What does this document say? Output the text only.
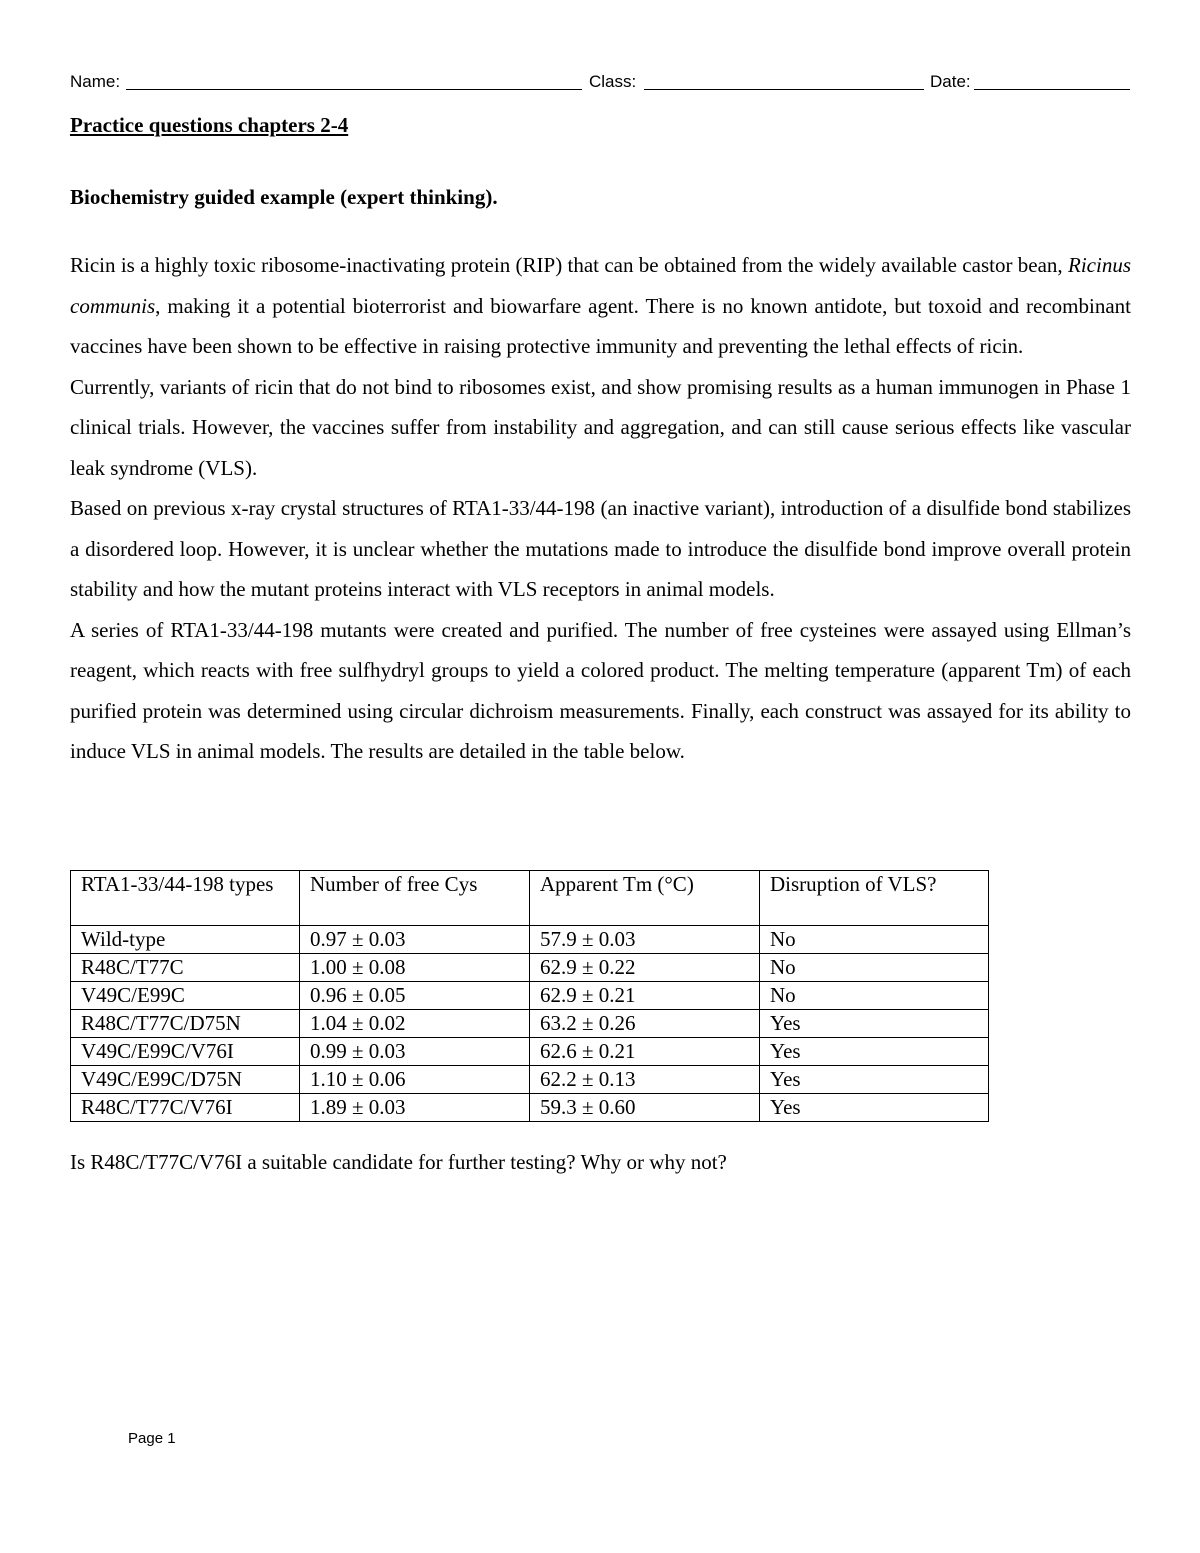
Name:	Class:	Date:
Practice questions chapters 2-4
Biochemistry guided example (expert thinking).

Ricin is a highly toxic ribosome-inactivating protein (RIP) that can be obtained from the widely available castor bean, Ricinus communis, making it a potential bioterrorist and biowarfare agent. There is no known antidote, but toxoid and recombinant vaccines have been shown to be effective in raising protective immunity and preventing the lethal effects of ricin.

Currently, variants of ricin that do not bind to ribosomes exist, and show promising results as a human immunogen in Phase 1 clinical trials. However, the vaccines suffer from instability and aggregation, and can still cause serious effects like vascular leak syndrome (VLS).

Based on previous x-ray crystal structures of RTA1-33/44-198 (an inactive variant), introduction of a disulfide bond stabilizes a disordered loop. However, it is unclear whether the mutations made to introduce the disulfide bond improve overall protein stability and how the mutant proteins interact with VLS receptors in animal models.

A series of RTA1-33/44-198 mutants were created and purified. The number of free cysteines were assayed using Ellman’s reagent, which reacts with free sulfhydryl groups to yield a colored product. The melting temperature (apparent Tm) of each purified protein was determined using circular dichroism measurements. Finally, each construct was assayed for its ability to induce VLS in animal models. The results are detailed in the table below.

RTA1-33/44-198 types	Number of free Cys	Apparent Tm (°C)	Disruption of VLS?
Wild-type	0.97 ± 0.03	57.9 ± 0.03	No
R48C/T77C	1.00 ± 0.08	62.9 ± 0.22	No
V49C/E99C	0.96 ± 0.05	62.9 ± 0.21	No
R48C/T77C/D75N	1.04 ± 0.02	63.2 ± 0.26	Yes
V49C/E99C/V76I	0.99 ± 0.03	62.6 ± 0.21	Yes
V49C/E99C/D75N	1.10 ± 0.06	62.2 ± 0.13	Yes
R48C/T77C/V76I	1.89 ± 0.03	59.3 ± 0.60	Yes
Is R48C/T77C/V76I a suitable candidate for further testing? Why or why not?
Page 1
